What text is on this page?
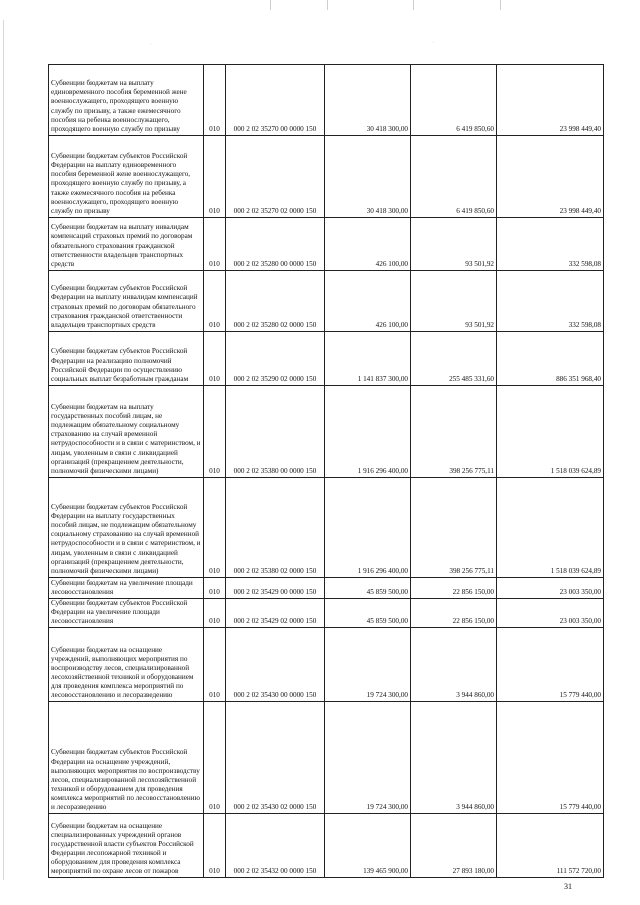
Субвенции бюджетам на выплату единовременного пособия беременной жене военнослужащего, проходящего военную службу по призыву, а также ежемесячного пособия на ребенка военнослужащего, проходящего военную службу по призыву	010	000 2 02 35270 00 0000 150	30 418 300,00	6 419 850,60	23 998 449,40

Субвенции бюджетам субъектов Российской Федерации на выплату единовременного пособия беременной жене военнослужащего, проходящего военную службу по призыву, а также ежемесячного пособия на ребенка военнослужащего, проходящего военную службу по призыву	010	000 2 02 35270 02 0000 150	30 418 300,00	6 419 850,60	23 998 449,40

Субвенции бюджетам на выплату инвалидам компенсаций страховых премий по договорам обязательного страхования гражданской ответственности владельцев транспортных средств	010	000 2 02 35280 00 0000 150	426 100,00	93 501,92	332 598,08

Субвенции бюджетам субъектов Российской Федерации на выплату инвалидам компенсаций страховых премий по договорам обязательного страхования гражданской ответственности владельцев транспортных средств	010	000 2 02 35280 02 0000 150	426 100,00	93 501,92	332 598,08

Субвенции бюджетам субъектов Российской Федерации на реализацию полномочий Российской Федерации по осуществлению социальных выплат безработным гражданам	010	000 2 02 35290 02 0000 150	1 141 837 300,00	255 485 331,60	886 351 968,40

Субвенции бюджетам на выплату государственных пособий лицам, не подлежащим обязательному социальному страхованию на случай временной нетрудоспособности и в связи с материнством, и лицам, уволенным в связи с ликвидацией организаций (прекращением деятельности, полномочий физическими лицами)	010	000 2 02 35380 00 0000 150	1 916 296 400,00	398 256 775,11	1 518 039 624,89

Субвенции бюджетам субъектов Российской Федерации на выплату государственных пособий лицам, не подлежащим обязательному социальному страхованию на случай временной нетрудоспособности и в связи с материнством, и лицам, уволенным в связи с ликвидацией организаций (прекращением деятельности, полномочий физическими лицами)	010	000 2 02 35380 02 0000 150	1 916 296 400,00	398 256 775,11	1 518 039 624,89

Субвенции бюджетам на увеличение площади лесовосстановления	010	000 2 02 35429 00 0000 150	45 859 500,00	22 856 150,00	23 003 350,00

Субвенции бюджетам субъектов Российской Федерации на увеличение площади лесовосстановления	010	000 2 02 35429 02 0000 150	45 859 500,00	22 856 150,00	23 003 350,00

Субвенции бюджетам на оснащение учреждений, выполняющих мероприятия по воспроизводству лесов, специализированной лесохозяйственной техникой и оборудованием для проведения комплекса мероприятий по лесовосстановлению и лесоразведению	010	000 2 02 35430 00 0000 150	19 724 300,00	3 944 860,00	15 779 440,00

Субвенции бюджетам субъектов Российской Федерации на оснащение учреждений, выполняющих мероприятия по воспроизводству лесов, специализированной лесохозяйственной техникой и оборудованием для проведения комплекса мероприятий по лесовосстановлению и лесоразведению	010	000 2 02 35430 02 0000 150	19 724 300,00	3 944 860,00	15 779 440,00

Субвенции бюджетам на оснащение специализированных учреждений органов государственной власти субъектов Российской Федерации лесопожарной техникой и оборудованием для проведения комплекса мероприятий по охране лесов от пожаров	010	000 2 02 35432 00 0000 150	139 465 900,00	27 893 180,00	111 572 720,00
·	·
31
